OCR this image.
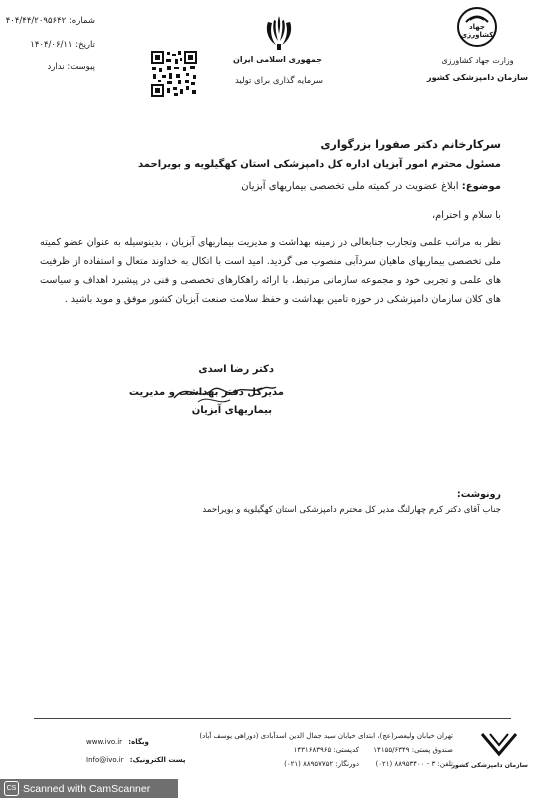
شماره: ۴۰۴/۴۴/۲۰۹۵۶۴۲
تاریخ: ۱۴۰۴/۰۶/۱۱
پیوست: ندارد
جمهوری اسلامی ایران
سرمایه گذاری برای تولید
جهاد کشاورزی
وزارت جهاد کشاورزی
سازمان دامپزشکی کشور
سرکارخانم دکتر صفورا بزرگواری
مسئول محترم امور آبزیان اداره کل دامپزشکی استان کهگیلویه و بویراحمد
موضوع: ابلاغ عضویت در کمیته ملی تخصصی بیماریهای آبزیان
با سلام و احترام،
نظر به مراتب علمی وتجارب جنابعالی در زمینه بهداشت و مدیریت بیماریهای آبزیان ، بدینوسیله به عنوان عضو کمیته ملی تخصصی بیماریهای ماهیان سردآبی منصوب می گردید. امید است با اتکال به خداوند متعال و استفاده از ظرفیت های علمی و تجربی خود و مجموعه سازمانی مرتبط، با ارائه راهکارهای تخصصی و فنی در پیشبرد اهداف و سیاست های کلان سازمان دامپزشکی در حوزه تامین بهداشت و حفظ سلامت صنعت آبزیان کشور موفق و موید باشید .
دکتر رضا اسدی
مدیرکل دفتر بهداشت و مدیریت
بیماریهای آبزیان
رونوشت:
جناب آقای دکتر کرم چهارلنگ مدیر کل محترم دامپزشکی استان کهگیلویه و بویراحمد
سازمان دامپزشکی کشور
تهران خیابان ولیعصر(عج)، ابتدای خیابان سید جمال الدین اسدآبادی (دوراهی یوسف آباد)
صندوق پستی: ۱۴۱۵۵/۶۳۴۹
کدپستی: ۱۴۳۱۶۸۳۹۶۵
تلفن: ۳ - ۸۸۹۵۳۴۰۰ (۰۲۱)
دورنگار: ۸۸۹۵۷۷۵۲ (۰۲۱)
www.ivo.ir وبگاه:
Info@ivo.ir پست الکترونیک:
CS Scanned with CamScanner
